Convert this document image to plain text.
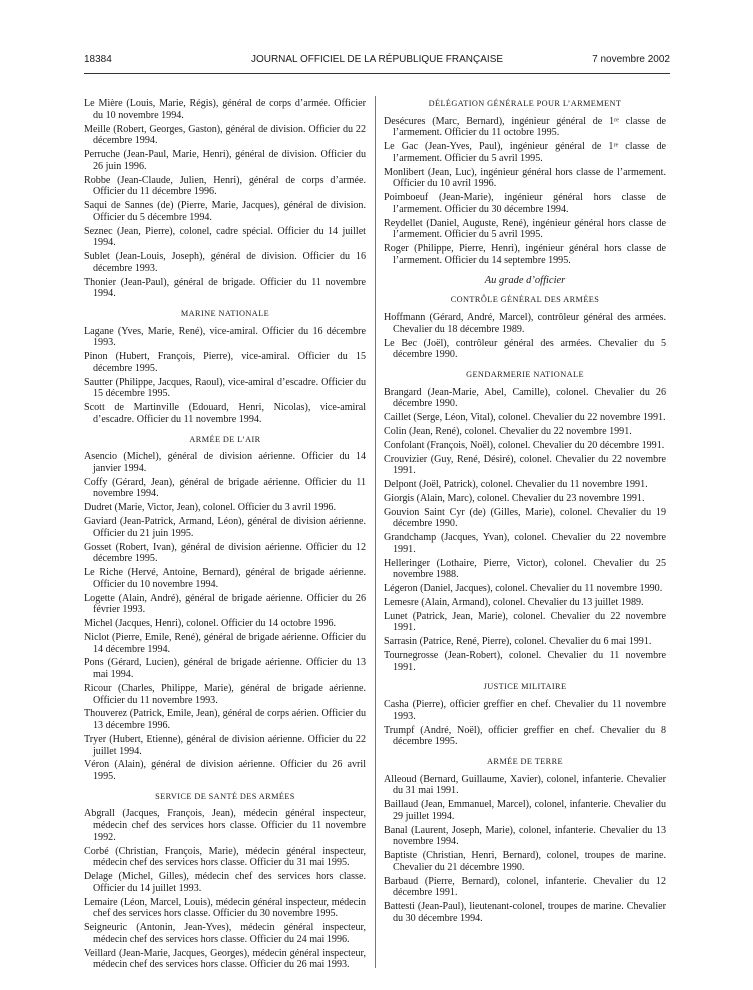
18384	JOURNAL OFFICIEL DE LA RÉPUBLIQUE FRANÇAISE	7 novembre 2002
Le Mière (Louis, Marie, Régis), général de corps d’armée. Officier du 10 novembre 1994.
Meille (Robert, Georges, Gaston), général de division. Officier du 22 décembre 1994.
Perruche (Jean-Paul, Marie, Henri), général de division. Officier du 26 juin 1996.
Robbe (Jean-Claude, Julien, Henri), général de corps d’armée. Officier du 11 décembre 1996.
Saqui de Sannes (de) (Pierre, Marie, Jacques), général de division. Officier du 5 décembre 1994.
Seznec (Jean, Pierre), colonel, cadre spécial. Officier du 14 juillet 1994.
Sublet (Jean-Louis, Joseph), général de division. Officier du 16 décembre 1993.
Thonier (Jean-Paul), général de brigade. Officier du 11 novembre 1994.
MARINE NATIONALE
Lagane (Yves, Marie, René), vice-amiral. Officier du 16 décembre 1993.
Pinon (Hubert, François, Pierre), vice-amiral. Officier du 15 décembre 1995.
Sautter (Philippe, Jacques, Raoul), vice-amiral d’escadre. Officier du 15 décembre 1995.
Scott de Martinville (Edouard, Henri, Nicolas), vice-amiral d’escadre. Officier du 11 novembre 1994.
ARMÉE DE L’AIR
Asencio (Michel), général de division aérienne. Officier du 14 janvier 1994.
Coffy (Gérard, Jean), général de brigade aérienne. Officier du 11 novembre 1994.
Dudret (Marie, Victor, Jean), colonel. Officier du 3 avril 1996.
Gaviard (Jean-Patrick, Armand, Léon), général de division aérienne. Officier du 21 juin 1995.
Gosset (Robert, Ivan), général de division aérienne. Officier du 12 décembre 1995.
Le Riche (Hervé, Antoine, Bernard), général de brigade aérienne. Officier du 10 novembre 1994.
Logette (Alain, André), général de brigade aérienne. Officier du 26 février 1993.
Michel (Jacques, Henri), colonel. Officier du 14 octobre 1996.
Niclot (Pierre, Emile, René), général de brigade aérienne. Officier du 14 décembre 1994.
Pons (Gérard, Lucien), général de brigade aérienne. Officier du 13 mai 1994.
Ricour (Charles, Philippe, Marie), général de brigade aérienne. Officier du 11 novembre 1993.
Thouverez (Patrick, Emile, Jean), général de corps aérien. Officier du 13 décembre 1996.
Tryer (Hubert, Etienne), général de division aérienne. Officier du 22 juillet 1994.
Véron (Alain), général de division aérienne. Officier du 26 avril 1995.
SERVICE DE SANTÉ DES ARMÉES
Abgrall (Jacques, François, Jean), médecin général inspecteur, médecin chef des services hors classe. Officier du 11 novembre 1992.
Corbé (Christian, François, Marie), médecin général inspecteur, médecin chef des services hors classe. Officier du 31 mai 1995.
Delage (Michel, Gilles), médecin chef des services hors classe. Officier du 14 juillet 1993.
Lemaire (Léon, Marcel, Louis), médecin général inspecteur, médecin chef des services hors classe. Officier du 30 novembre 1995.
Seigneuric (Antonin, Jean-Yves), médecin général inspecteur, médecin chef des services hors classe. Officier du 24 mai 1996.
Veillard (Jean-Marie, Jacques, Georges), médecin général inspecteur, médecin chef des services hors classe. Officier du 26 mai 1993.
DÉLÉGATION GÉNÉRALE POUR L’ARMEMENT
Desécures (Marc, Bernard), ingénieur général de 1ʳᵉ classe de l’armement. Officier du 11 octobre 1995.
Le Gac (Jean-Yves, Paul), ingénieur général de 1ʳᵉ classe de l’armement. Officier du 5 avril 1995.
Monlibert (Jean, Luc), ingénieur général hors classe de l’armement. Officier du 10 avril 1996.
Poimboeuf (Jean-Marie), ingénieur général hors classe de l’armement. Officier du 30 décembre 1994.
Reydellet (Daniel, Auguste, René), ingénieur général hors classe de l’armement. Officier du 5 avril 1995.
Roger (Philippe, Pierre, Henri), ingénieur général hors classe de l’armement. Officier du 14 septembre 1995.
Au grade d’officier
CONTRÔLE GÉNÉRAL DES ARMÉES
Hoffmann (Gérard, André, Marcel), contrôleur général des armées. Chevalier du 18 décembre 1989.
Le Bec (Joël), contrôleur général des armées. Chevalier du 5 décembre 1990.
GENDARMERIE NATIONALE
Brangard (Jean-Marie, Abel, Camille), colonel. Chevalier du 26 décembre 1990.
Caillet (Serge, Léon, Vital), colonel. Chevalier du 22 novembre 1991.
Colin (Jean, René), colonel. Chevalier du 22 novembre 1991.
Confolant (François, Noël), colonel. Chevalier du 20 décembre 1991.
Crouvizier (Guy, René, Désiré), colonel. Chevalier du 22 novembre 1991.
Delpont (Joël, Patrick), colonel. Chevalier du 11 novembre 1991.
Giorgis (Alain, Marc), colonel. Chevalier du 23 novembre 1991.
Gouvion Saint Cyr (de) (Gilles, Marie), colonel. Chevalier du 19 décembre 1990.
Grandchamp (Jacques, Yvan), colonel. Chevalier du 22 novembre 1991.
Helleringer (Lothaire, Pierre, Victor), colonel. Chevalier du 25 novembre 1988.
Légeron (Daniel, Jacques), colonel. Chevalier du 11 novembre 1990.
Lemesre (Alain, Armand), colonel. Chevalier du 13 juillet 1989.
Lunet (Patrick, Jean, Marie), colonel. Chevalier du 22 novembre 1991.
Sarrasin (Patrice, René, Pierre), colonel. Chevalier du 6 mai 1991.
Tournegrosse (Jean-Robert), colonel. Chevalier du 11 novembre 1991.
JUSTICE MILITAIRE
Casha (Pierre), officier greffier en chef. Chevalier du 11 novembre 1993.
Trumpf (André, Noël), officier greffier en chef. Chevalier du 8 décembre 1995.
ARMÉE DE TERRE
Alleoud (Bernard, Guillaume, Xavier), colonel, infanterie. Chevalier du 31 mai 1991.
Baillaud (Jean, Emmanuel, Marcel), colonel, infanterie. Chevalier du 29 juillet 1994.
Banal (Laurent, Joseph, Marie), colonel, infanterie. Chevalier du 13 novembre 1994.
Baptiste (Christian, Henri, Bernard), colonel, troupes de marine. Chevalier du 21 décembre 1990.
Barbaud (Pierre, Bernard), colonel, infanterie. Chevalier du 12 décembre 1991.
Battesti (Jean-Paul), lieutenant-colonel, troupes de marine. Chevalier du 30 décembre 1994.
